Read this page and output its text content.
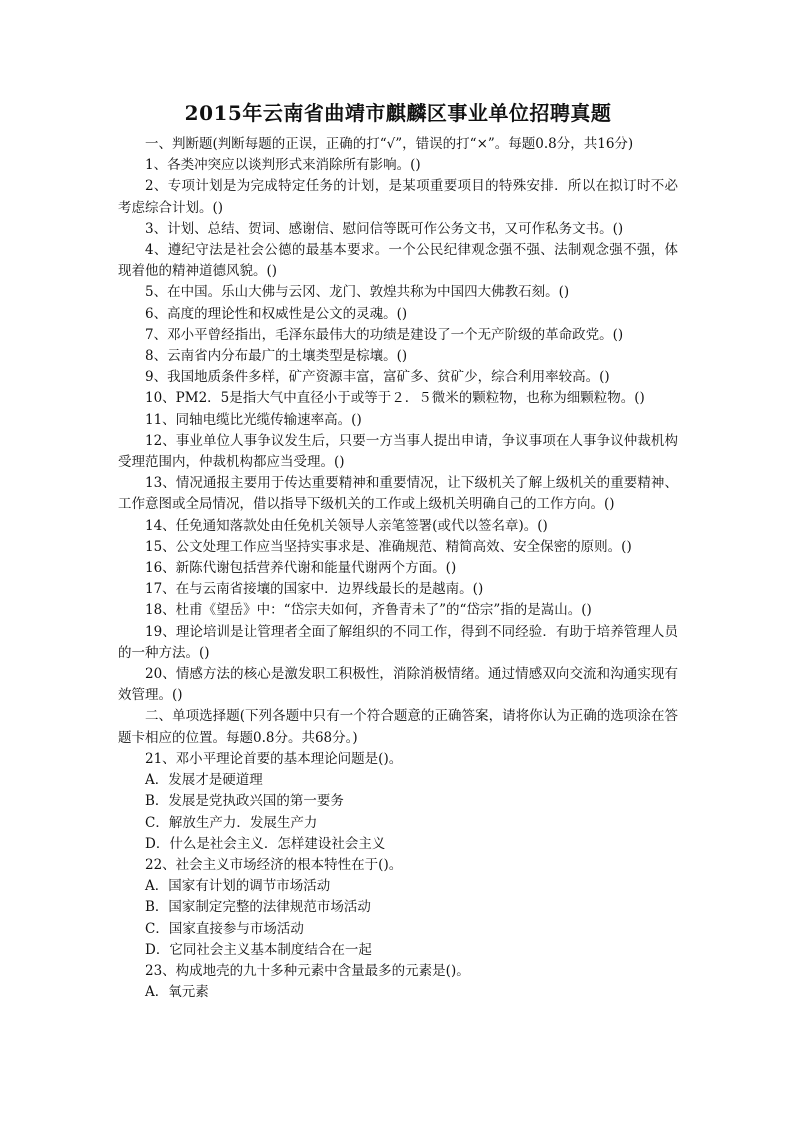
2015年云南省曲靖市麒麟区事业单位招聘真题

一、判断题(判断每题的正误，正确的打“√”，错误的打“×”。每题0.8分，共16分)

1、各类冲突应以谈判形式来消除所有影响。()

2、专项计划是为完成特定任务的计划，是某项重要项目的特殊安排．所以在拟订时不必考虑综合计划。()

3、计划、总结、贺词、感谢信、慰问信等既可作公务文书，又可作私务文书。()

4、遵纪守法是社会公德的最基本要求。一个公民纪律观念强不强、法制观念强不强，体现着他的精神道德风貌。()

5、在中国。乐山大佛与云冈、龙门、敦煌共称为中国四大佛教石刻。()

6、高度的理论性和权威性是公文的灵魂。()

7、邓小平曾经指出，毛泽东最伟大的功绩是建设了一个无产阶级的革命政党。()

8、云南省内分布最广的土壤类型是棕壤。()

9、我国地质条件多样，矿产资源丰富，富矿多、贫矿少，综合利用率较高。()

10、PM2．5是指大气中直径小于或等于２．５微米的颗粒物，也称为细颗粒物。()

11、同轴电缆比光缆传输速率高。()

12、事业单位人事争议发生后，只要一方当事人提出申请，争议事项在人事争议仲裁机构受理范围内，仲裁机构都应当受理。()

13、情况通报主要用于传达重要精神和重要情况，让下级机关了解上级机关的重要精神、工作意图或全局情况，借以指导下级机关的工作或上级机关明确自己的工作方向。()

14、任免通知落款处由任免机关领导人亲笔签署(或代以签名章)。()

15、公文处理工作应当坚持实事求是、准确规范、精简高效、安全保密的原则。()

16、新陈代谢包括营养代谢和能量代谢两个方面。()

17、在与云南省接壤的国家中．边界线最长的是越南。()

18、杜甫《望岳》中：“岱宗夫如何，齐鲁青未了”的“岱宗”指的是嵩山。()

19、理论培训是让管理者全面了解组织的不同工作，得到不同经验．有助于培养管理人员的一种方法。()

20、情感方法的核心是激发职工积极性，消除消极情绪。通过情感双向交流和沟通实现有效管理。()

二、单项选择题(下列各题中只有一个符合题意的正确答案，请将你认为正确的选项涂在答题卡相应的位置。每题0.8分。共68分。)

21、邓小平理论首要的基本理论问题是()。

A．发展才是硬道理

B．发展是党执政兴国的第一要务

C．解放生产力．发展生产力

D．什么是社会主义．怎样建设社会主义

22、社会主义市场经济的根本特性在于()。

A．国家有计划的调节市场活动

B．国家制定完整的法律规范市场活动

C．国家直接参与市场活动

D．它同社会主义基本制度结合在一起

23、构成地壳的九十多种元素中含量最多的元素是()。

A．氧元素
